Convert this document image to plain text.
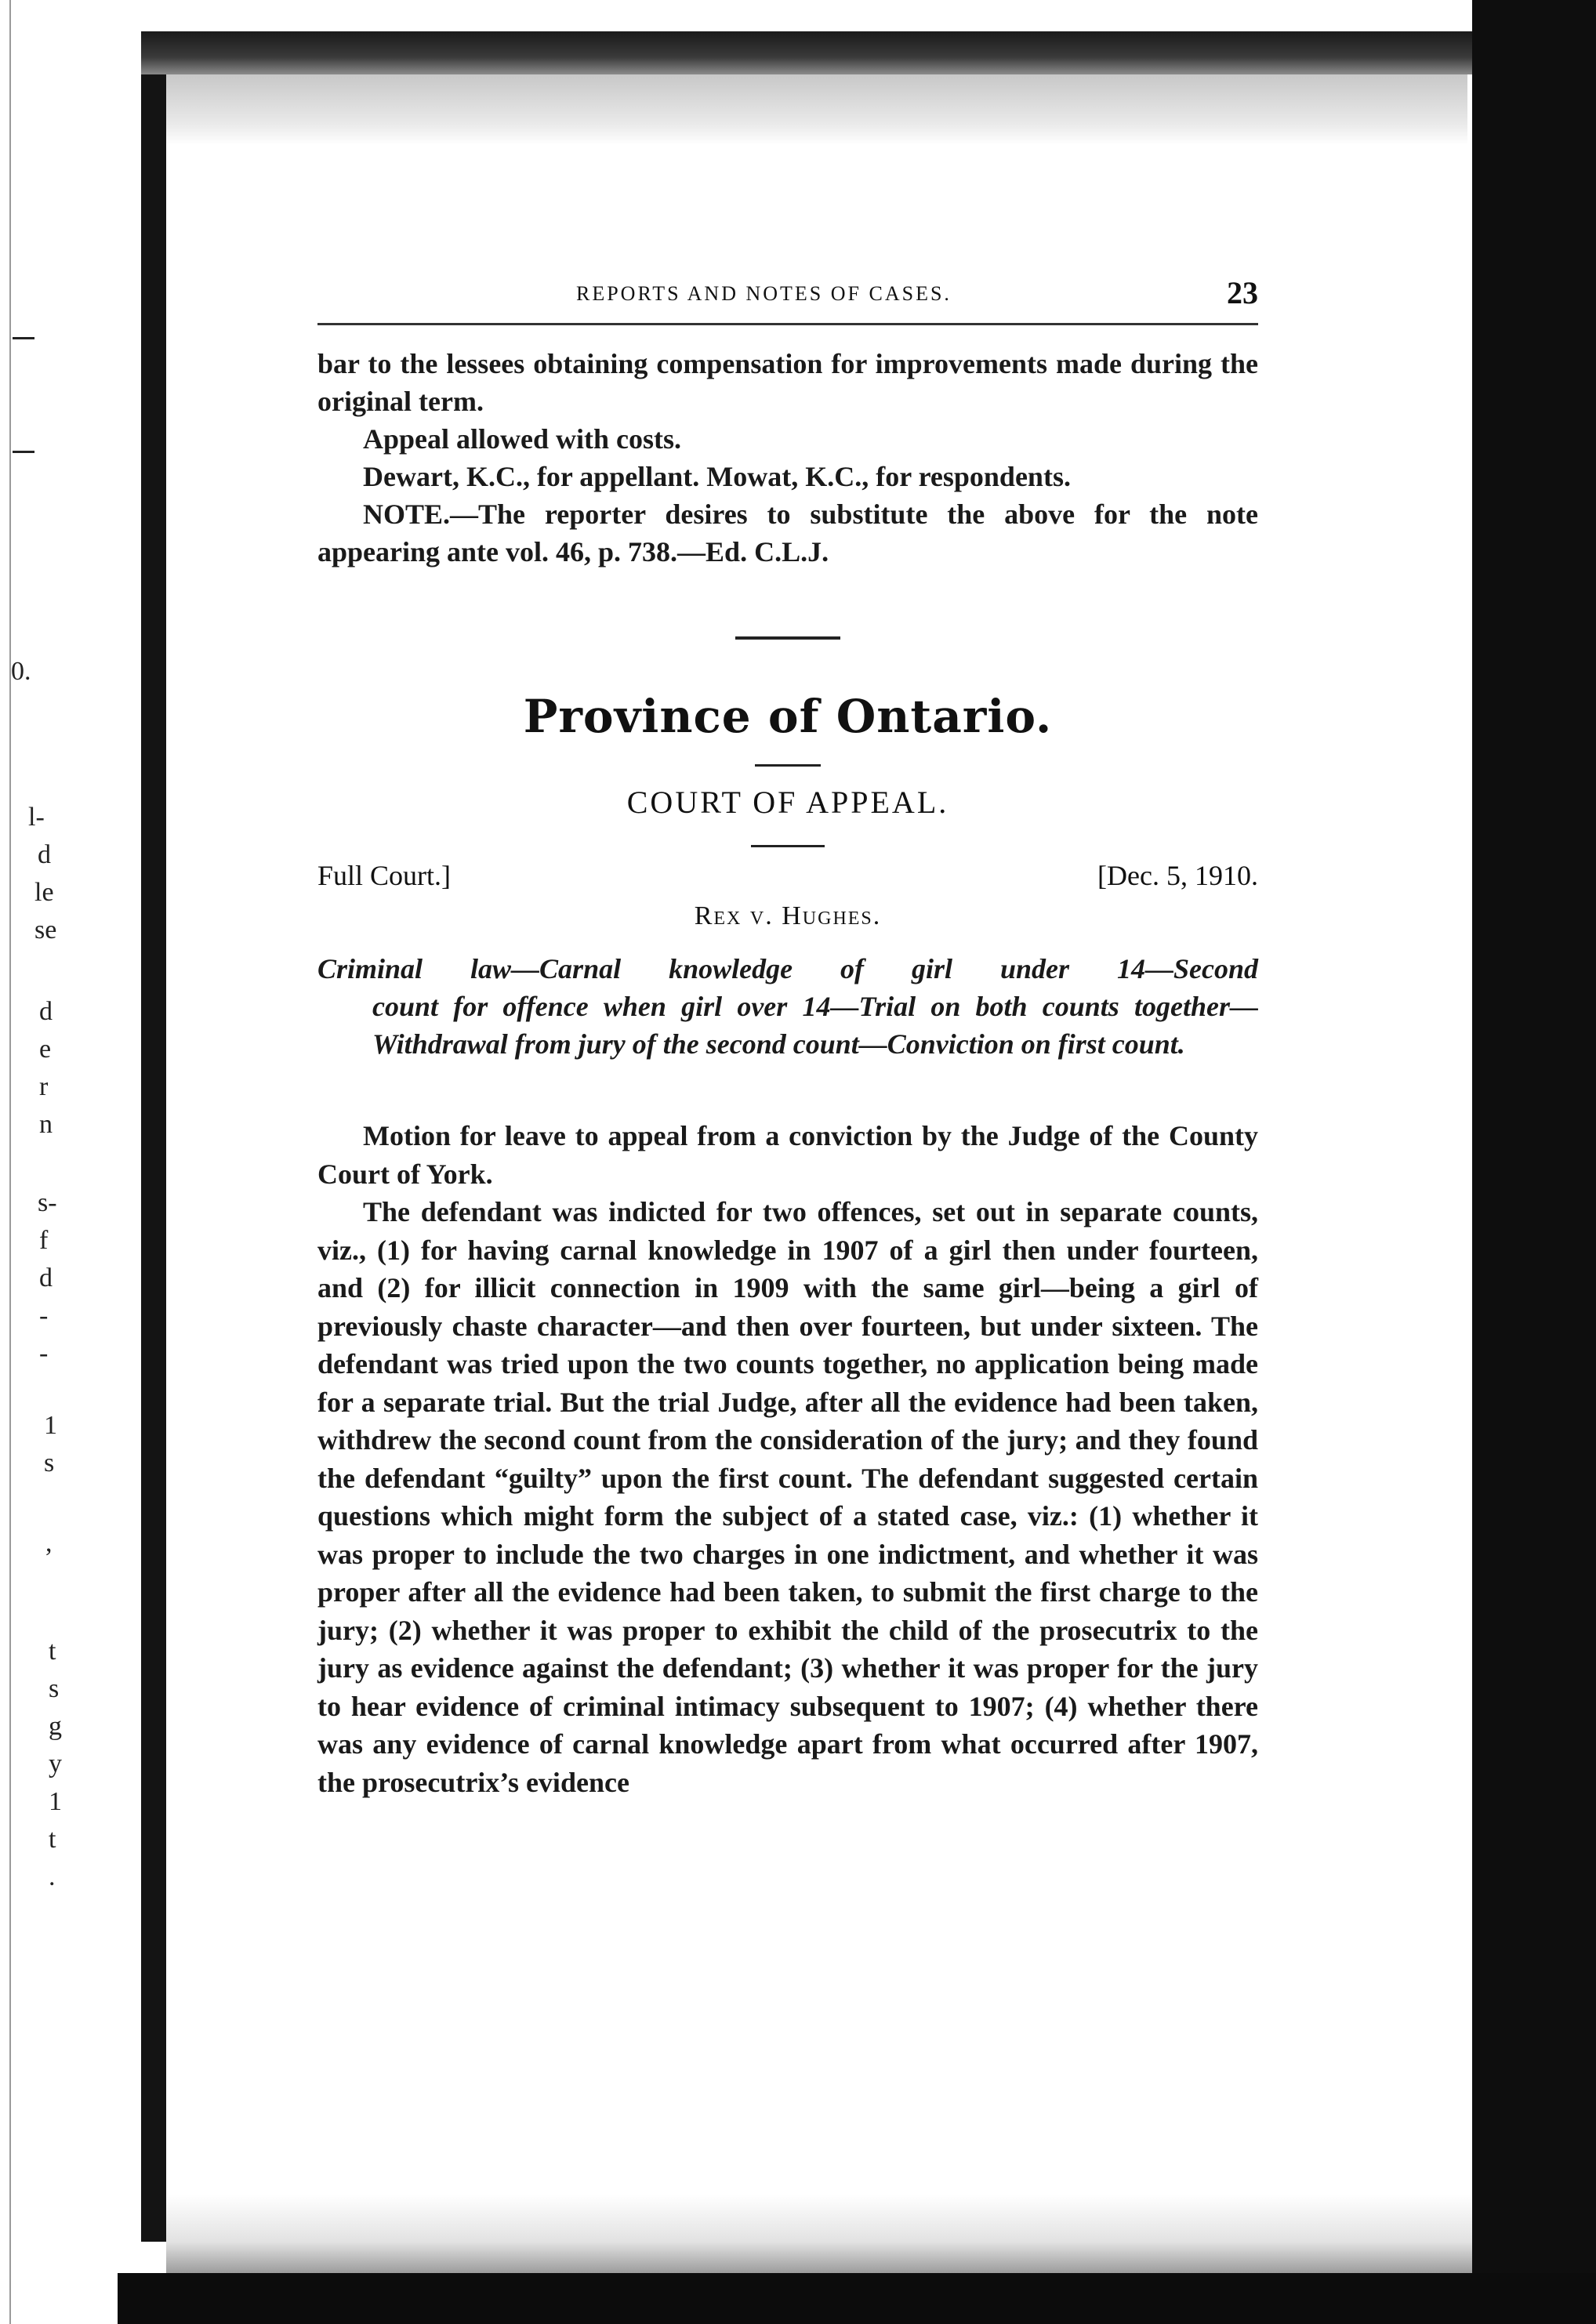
0.
l-
d
le
se
d
e
r
n
s-
f
d
-
-
1
s
,
t
s
g
y
1
t
.
REPORTS AND NOTES OF CASES.	23

bar to the lessees obtaining compensation for improvements made during the original term.

Appeal allowed with costs.

Dewart, K.C., for appellant. Mowat, K.C., for respondents.

NOTE.—The reporter desires to substitute the above for the note appearing ante vol. 46, p. 738.—Ed. C.L.J.

Province of Ontario.
COURT OF APPEAL.
Full Court.]	[Dec. 5, 1910.
Rex v. Hughes.

Criminal law—Carnal knowledge of girl under 14—Second

count for offence when girl over 14—Trial on both counts together—Withdrawal from jury of the second count—Conviction on first count.

Motion for leave to appeal from a conviction by the Judge of the County Court of York.

The defendant was indicted for two offences, set out in separate counts, viz., (1) for having carnal knowledge in 1907 of a girl then under fourteen, and (2) for illicit connection in 1909 with the same girl—being a girl of previously chaste character—and then over fourteen, but under sixteen. The defendant was tried upon the two counts together, no application being made for a separate trial. But the trial Judge, after all the evidence had been taken, withdrew the second count from the consideration of the jury; and they found the defendant “guilty” upon the first count. The defendant suggested certain questions which might form the subject of a stated case, viz.: (1) whether it was proper to include the two charges in one indictment, and whether it was proper after all the evidence had been taken, to submit the first charge to the jury; (2) whether it was proper to exhibit the child of the prosecutrix to the jury as evidence against the defendant; (3) whether it was proper for the jury to hear evidence of criminal intimacy subsequent to 1907; (4) whether there was any evidence of carnal knowledge apart from what occurred after 1907, the prosecutrix’s evidence
